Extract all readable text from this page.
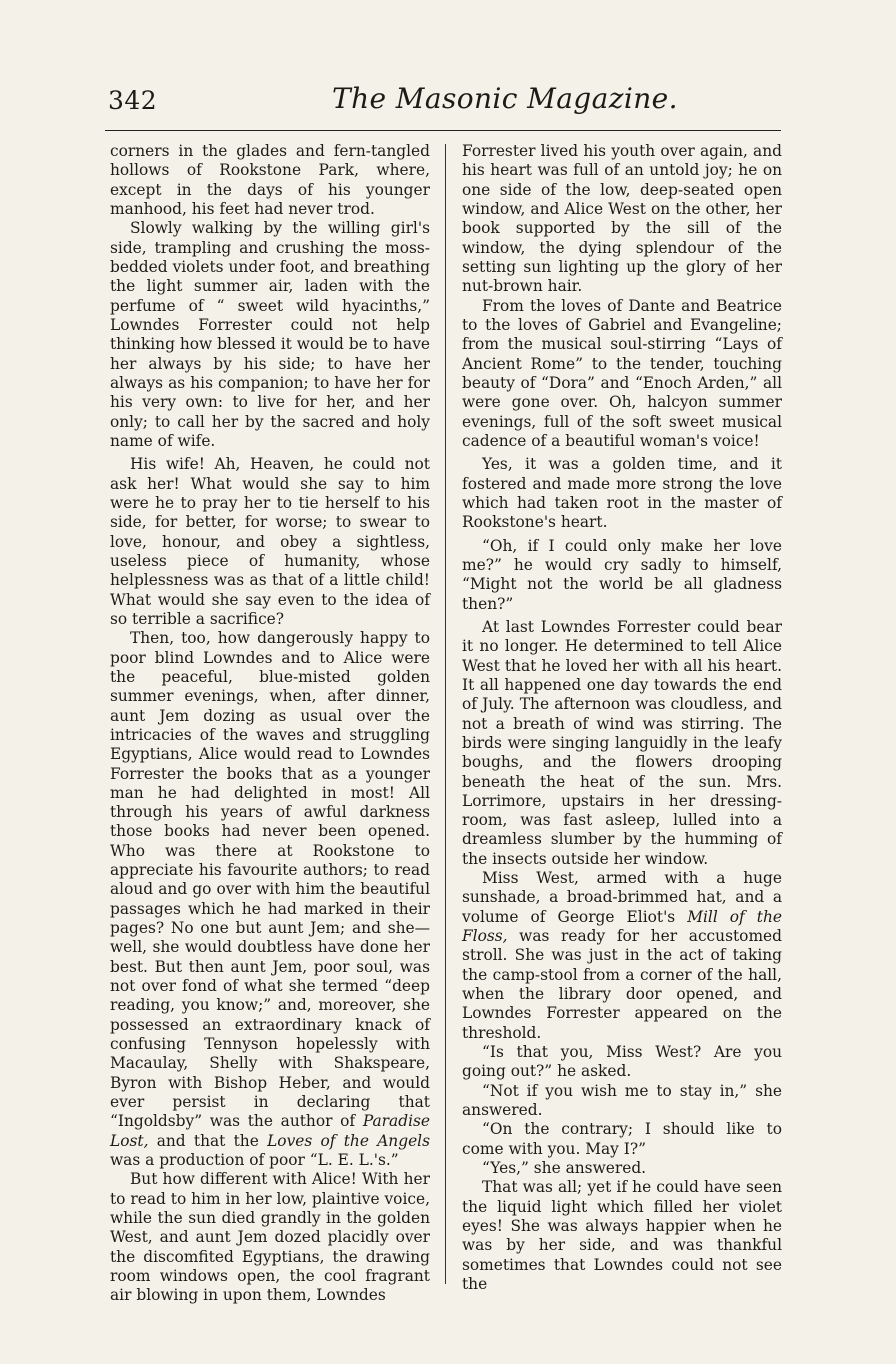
342	The Masonic Magazine.

corners in the glades and fern-tangled hollows of Rookstone Park, where, except in the days of his younger manhood, his feet had never trod.

Slowly walking by the willing girl's side, trampling and crushing the moss-bedded violets under foot, and breathing the light summer air, laden with the perfume of “ sweet wild hyacinths,” Lowndes Forrester could not help thinking how blessed it would be to have her always by his side; to have her always as his companion; to have her for his very own: to live for her, and her only; to call her by the sacred and holy name of wife.

His wife! Ah, Heaven, he could not ask her! What would she say to him were he to pray her to tie herself to his side, for better, for worse; to swear to love, honour, and obey a sightless, useless piece of humanity, whose helplessness was as that of a little child! What would she say even to the idea of so terrible a sacrifice?

Then, too, how dangerously happy to poor blind Lowndes and to Alice were the peaceful, blue-misted golden summer evenings, when, after dinner, aunt Jem dozing as usual over the intricacies of the waves and struggling Egyptians, Alice would read to Lowndes Forrester the books that as a younger man he had delighted in most! All through his years of awful darkness those books had never been opened. Who was there at Rookstone to appreciate his favourite authors; to read aloud and go over with him the beautiful passages which he had marked in their pages? No one but aunt Jem; and she—well, she would doubtless have done her best. But then aunt Jem, poor soul, was not over fond of what she termed “deep reading, you know;” and, moreover, she possessed an extraordinary knack of confusing Tennyson hopelessly with Macaulay, Shelly with Shakspeare, Byron with Bishop Heber, and would ever persist in declaring that “Ingoldsby” was the author of Paradise Lost, and that the Loves of the Angels was a production of poor “L. E. L.'s.”

But how different with Alice! With her to read to him in her low, plaintive voice, while the sun died grandly in the golden West, and aunt Jem dozed placidly over the discomfited Egyptians, the drawing room windows open, the cool fragrant air blowing in upon them, Lowndes

Forrester lived his youth over again, and his heart was full of an untold joy; he on one side of the low, deep-seated open window, and Alice West on the other, her book supported by the sill of the window, the dying splendour of the setting sun lighting up the glory of her nut-brown hair.

From the loves of Dante and Beatrice to the loves of Gabriel and Evangeline; from the musical soul-stirring “Lays of Ancient Rome” to the tender, touching beauty of “Dora” and “Enoch Arden,” all were gone over. Oh, halcyon summer evenings, full of the soft sweet musical cadence of a beautiful woman's voice!

Yes, it was a golden time, and it fostered and made more strong the love which had taken root in the master of Rookstone's heart.

“Oh, if I could only make her love me?” he would cry sadly to himself, “Might not the world be all gladness then?”

At last Lowndes Forrester could bear it no longer. He determined to tell Alice West that he loved her with all his heart. It all happened one day towards the end of July. The afternoon was cloudless, and not a breath of wind was stirring. The birds were singing languidly in the leafy boughs, and the flowers drooping beneath the heat of the sun. Mrs. Lorrimore, upstairs in her dressing-room, was fast asleep, lulled into a dreamless slumber by the humming of the insects outside her window.

Miss West, armed with a huge sunshade, a broad-brimmed hat, and a volume of George Eliot's Mill of the Floss, was ready for her accustomed stroll. She was just in the act of taking the camp-stool from a corner of the hall, when the library door opened, and Lowndes Forrester appeared on the threshold.

“Is that you, Miss West? Are you going out?” he asked.

“Not if you wish me to stay in,” she answered.

“On the contrary; I should like to come with you. May I?”

“Yes,” she answered.

That was all; yet if he could have seen the liquid light which filled her violet eyes! She was always happier when he was by her side, and was thankful sometimes that Lowndes could not see the
